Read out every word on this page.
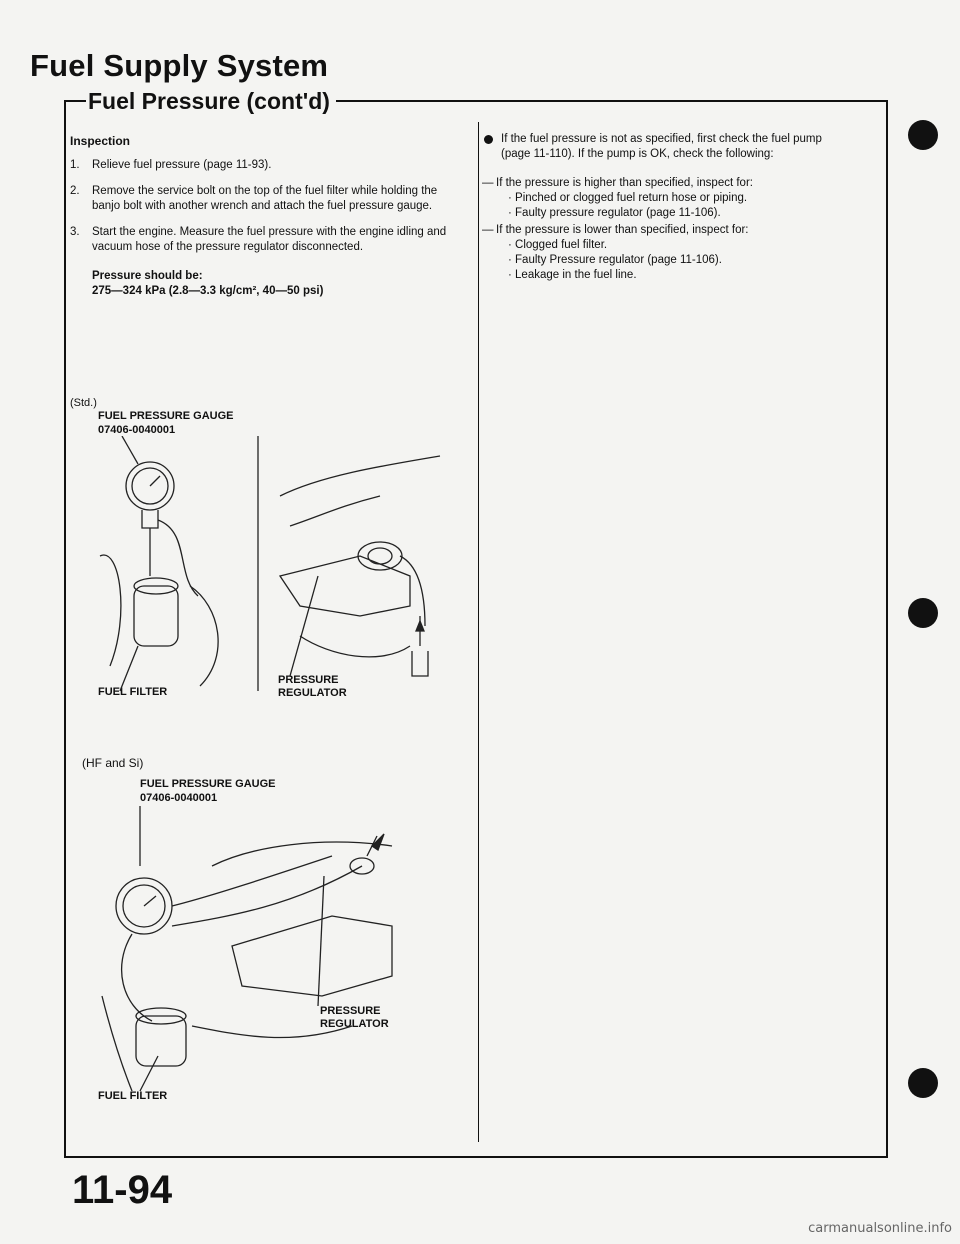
Fuel Supply System
Fuel Pressure (cont'd)
Inspection
1.	Relieve fuel pressure (page 11-93).
2.	Remove the service bolt on the top of the fuel filter while holding the banjo bolt with another wrench and attach the fuel pressure gauge.
3.	Start the engine. Measure the fuel pressure with the engine idling and vacuum hose of the pressure regulator disconnected.
Pressure should be:
275—324 kPa (2.8—3.3 kg/cm², 40—50 psi)
(Std.)
FUEL PRESSURE GAUGE
07406-0040001
FUEL FILTER
PRESSURE
REGULATOR
(HF and Si)
FUEL PRESSURE GAUGE
07406-0040001
PRESSURE
REGULATOR
FUEL FILTER
If the fuel pressure is not as specified, first check the fuel pump (page 11-110). If the pump is OK, check the following:
— If the pressure is higher than specified, inspect for:
· Pinched or clogged fuel return hose or piping.
· Faulty pressure regulator (page 11-106).
— If the pressure is lower than specified, inspect for:
· Clogged fuel filter.
· Faulty Pressure regulator (page 11-106).
· Leakage in the fuel line.
11-94
carmanualsonline.info
